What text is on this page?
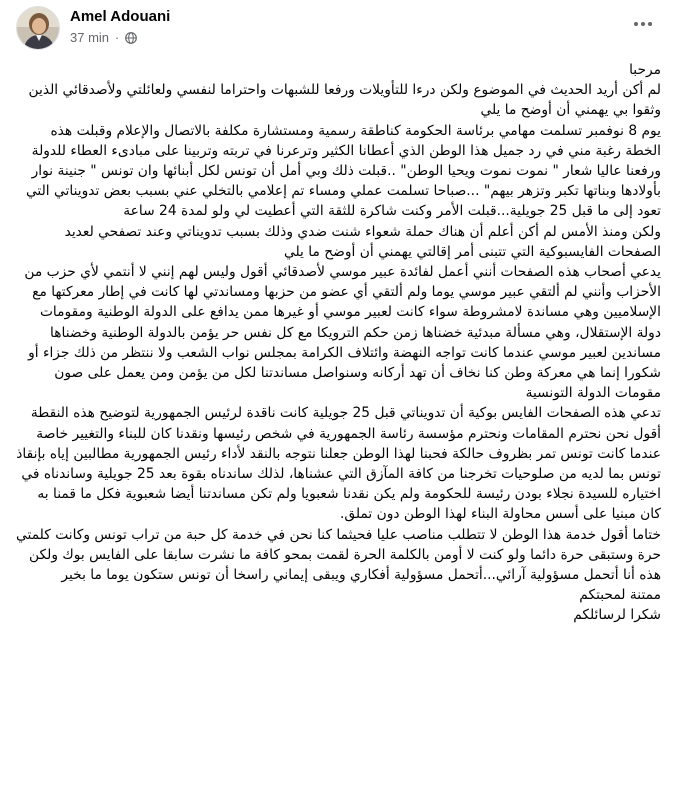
Amel Adouani
37 min ·

مرحبا

لم أكن أريد الحديث في الموضوع ولكن درءا للتأويلات ورفعا للشبهات واحتراما لنفسي ولعائلتي ولأصدقائي الذين وثقوا بي يهمني أن أوضح ما يلي

يوم 8 نوفمبر تسلمت مهامي برئاسة الحكومة كناطقة رسمية ومستشارة مكلفة بالاتصال والإعلام وقبلت هذه الخطة رغبة مني في رد جميل هذا الوطن الذي أعطانا الكثير وترعرنا في تربته وتربينا على مبادىء العطاء للدولة ورفعنا عاليا شعار " نموت نموت ويحيا الوطن" ..قبلت ذلك وبي أمل أن تونس لكل أبنائها وان تونس " جنينة نوار بأولادها وبناتها تكبر وتزهر بيهم" ...صباحا تسلمت عملي ومساء تم إعلامي بالتخلي عني بسبب بعض تدويناتي التي تعود إلى ما قبل 25 جويلية...قبلت الأمر وكنت شاكرة للثقة التي أعطيت لي ولو لمدة 24 ساعة

ولكن ومنذ الأمس لم أكن أعلم أن هناك حملة شعواء شنت ضدي وذلك بسبب تدويناتي وعند تصفحي لعديد الصفحات الفايسبوكية التي تتبنى أمر إقالتي يهمني أن أوضح ما يلي

يدعي أصحاب هذه الصفحات أنني أعمل لفائدة عبير موسي لأصدقائي أقول وليس لهم إنني لا أنتمي لأي حزب من الأحزاب وأنني لم ألتقي عبير موسي يوما ولم ألتقي أي عضو من حزبها ومساندتي لها كانت في إطار معركتها مع الإسلاميين وهي مساندة لامشروطة سواء كانت لعبير موسي أو غيرها ممن يدافع على الدولة الوطنية ومقومات دولة الإستقلال، وهي مسألة مبدئية خضناها زمن حكم الترويكا مع كل نفس حر يؤمن بالدولة الوطنية وخضناها مساندين لعبير موسي عندما كانت تواجه النهضة وائتلاف الكرامة بمجلس نواب الشعب ولا ننتظر من ذلك جزاء أو شكورا إنما هي معركة وطن كنا نخاف أن تهد أركانه وسنواصل مساندتنا لكل من يؤمن ومن يعمل على صون مقومات الدولة التونسية

تدعي هذه الصفحات الفايس بوكية أن تدويناتي قبل 25 جويلية كانت ناقدة لرئيس الجمهورية لتوضيح هذه النقطة أقول نحن نحترم المقامات ونحترم مؤسسة رئاسة الجمهورية في شخص رئيسها ونقدنا كان للبناء والتغيير خاصة عندما كانت تونس تمر بظروف حالكة فحبنا لهذا الوطن جعلنا نتوجه بالنقد لأداء رئيس الجمهورية مطالبين إياه بإنقاذ تونس بما لديه من صلوحيات تخرجنا من كافة المآزق التي عشناها، لذلك ساندناه بقوة بعد 25 جويلية وساندناه في اختياره للسيدة نجلاء بودن رئيسة للحكومة ولم يكن نقدنا شعبويا ولم تكن مساندتنا أيضا شعبوية فكل ما قمنا به كان مبنيا على أسس محاولة البناء لهذا الوطن دون تملق.

ختاما أقول خدمة هذا الوطن لا تتطلب مناصب عليا فحيثما كنا نحن في خدمة كل حبة من تراب تونس وكانت كلمتي حرة وستبقى حرة دائما ولو كنت لا أومن بالكلمة الحرة لقمت بمحو كافة ما نشرت سابقا على الفايس بوك ولكن هذه أنا أتحمل مسؤولية آرائي...أتحمل مسؤولية أفكاري ويبقى إيماني راسخا أن تونس ستكون يوما ما بخير

ممتنة لمحبتكم

شكرا لرسائلكم
